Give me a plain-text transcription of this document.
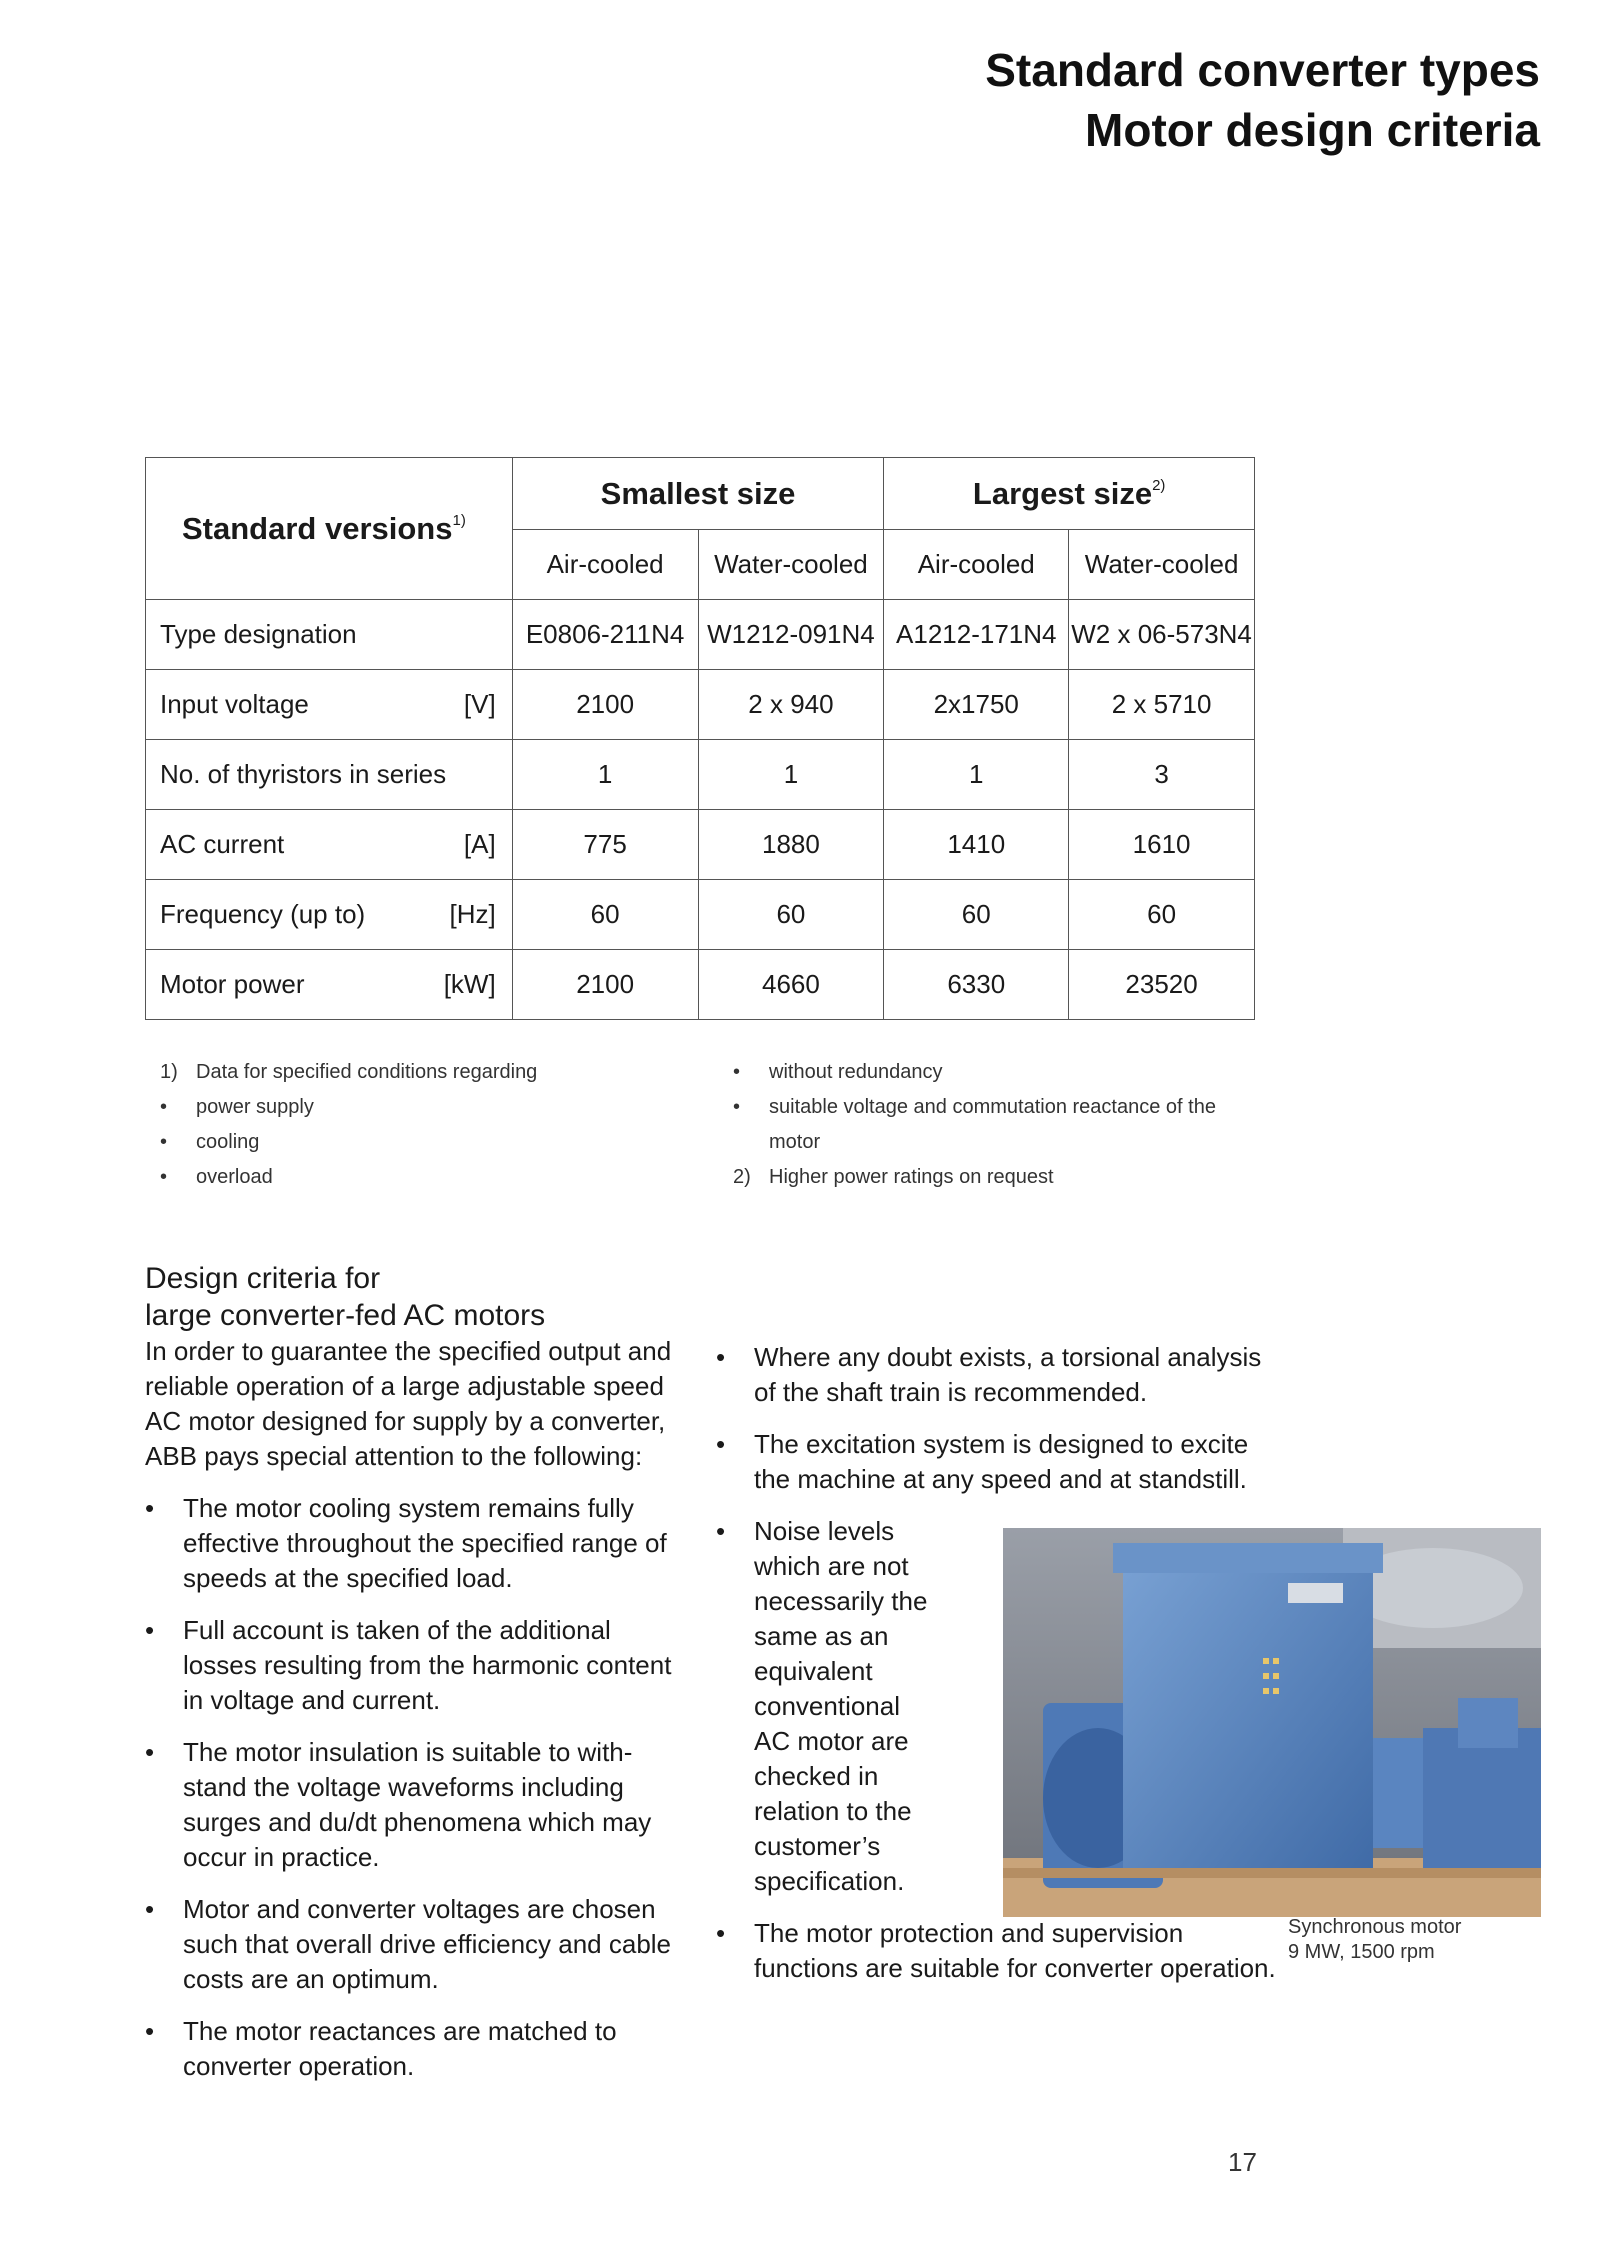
Standard converter types
Motor design criteria
Standard versions$^{1)}$	Smallest size		Largest size$^{2)}$
	Air-cooled	Water-cooled	Air-cooled	Water-cooled

Type designation	E0806-211N4	W1212-091N4	A1212-171N4	W2 x 06-573N4

Input voltage [V]	2100	2 x 940	2x1750	2 x 5710

No. of thyristors in series	1	1	1	3

AC current [A]	775	1880	1410	1610

Frequency (up to) [Hz]	60	60	60	60

Motor power [kW]	2100	4660	6330	23520
1) Data for specified conditions regarding
•	power supply
•	cooling
•	overload
•	without redundancy
•	suitable voltage and commutation reactance of the
motor
2) Higher power ratings on request
Design criteria for
large converter-fed AC motors

In order to guarantee the specified output and reliable operation of a large adjustable speed AC motor designed for supply by a converter, ABB pays special attention to the following:

•	The motor cooling system remains fully effective throughout the specified range of speeds at the specified load.
•	Full account is taken of the additional losses resulting from the harmonic content in voltage and current.
•	The motor insulation is suitable to with-stand the voltage waveforms including surges and du/dt phenomena which may occur in practice.
•	Motor and converter voltages are chosen such that overall drive efficiency and cable costs are an optimum.
•	The motor reactances are matched to converter operation.
•	Where any doubt exists, a torsional analysis of the shaft train is recommended.
•	The excitation system is designed to excite the machine at any speed and at standstill.
•	Noise levels
which are not
necessarily the
same as an
equivalent
conventional
AC motor are
checked in
relation to the
customer’s
specification.
•	The motor protection and supervision functions are suitable for converter operation.
Synchronous motor
9 MW, 1500 rpm
17
